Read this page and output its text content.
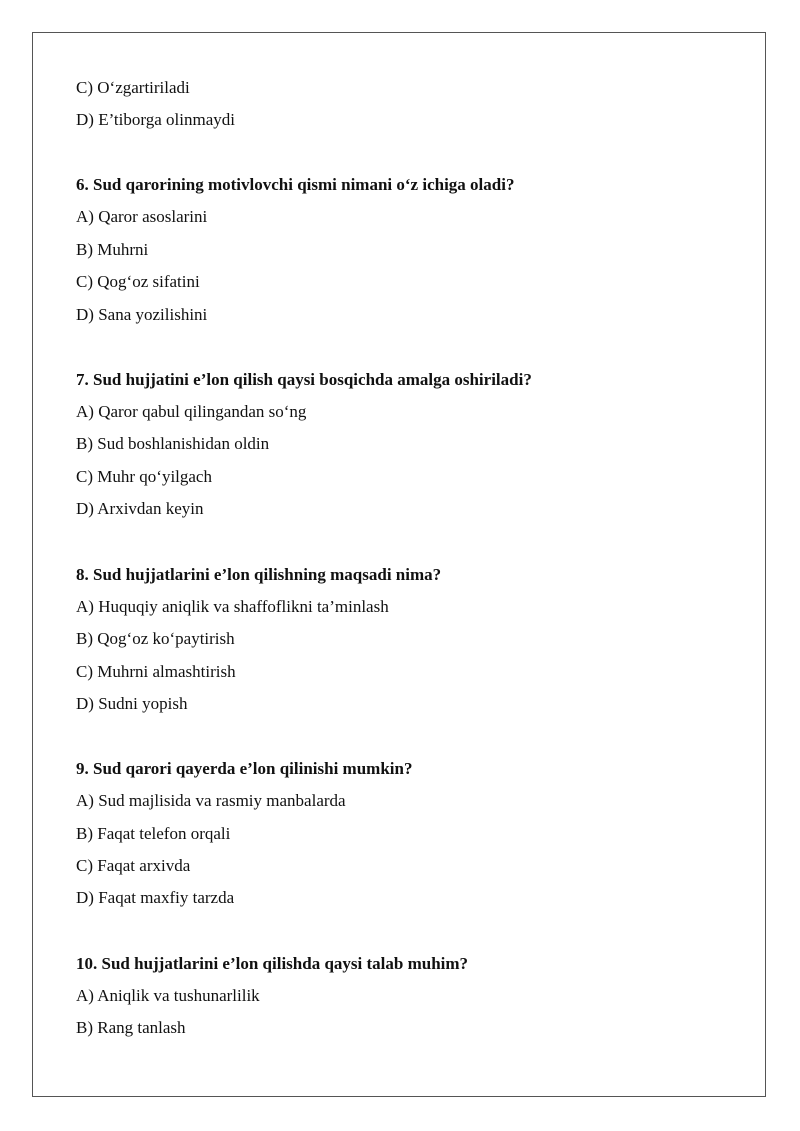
C) O‘zgartiriladi
D) E’tiborga olinmaydi
6. Sud qarorining motivlovchi qismi nimani o‘z ichiga oladi?
A) Qaror asoslarini
B) Muhrni
C) Qog‘oz sifatini
D) Sana yozilishini
7. Sud hujjatini e’lon qilish qaysi bosqichda amalga oshiriladi?
A) Qaror qabul qilingandan so‘ng
B) Sud boshlanishidan oldin
C) Muhr qo‘yilgach
D) Arxivdan keyin
8. Sud hujjatlarini e’lon qilishning maqsadi nima?
A) Huquqiy aniqlik va shaffoflikni ta’minlash
B) Qog‘oz ko‘paytirish
C) Muhrni almashtirish
D) Sudni yopish
9. Sud qarori qayerda e’lon qilinishi mumkin?
A) Sud majlisida va rasmiy manbalarda
B) Faqat telefon orqali
C) Faqat arxivda
D) Faqat maxfiy tarzda
10. Sud hujjatlarini e’lon qilishda qaysi talab muhim?
A) Aniqlik va tushunarlilik
B) Rang tanlash
